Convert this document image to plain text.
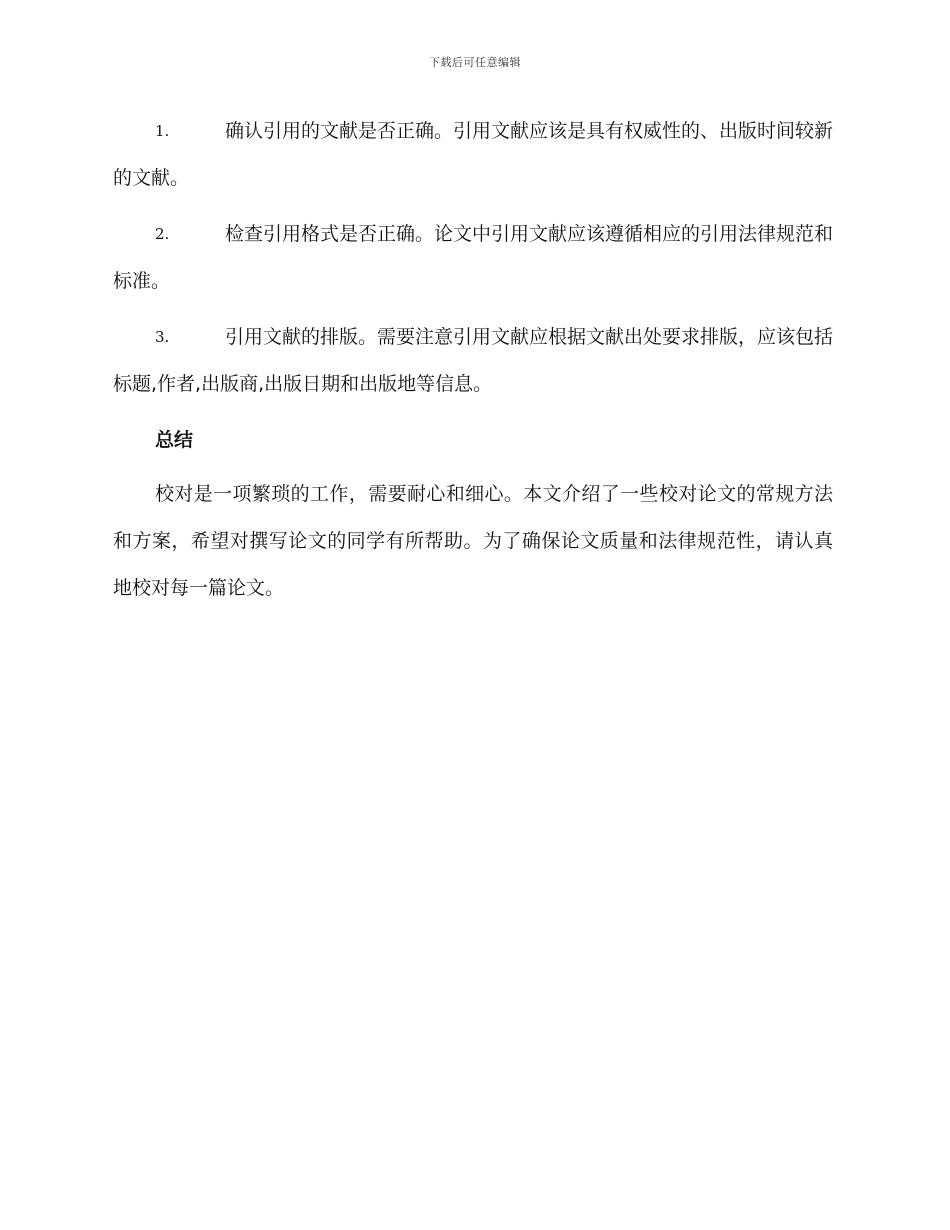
下载后可任意编辑

1.	确认引用的文献是否正确。引用文献应该是具有权威性的、出版时间较新的文献。

2.	检查引用格式是否正确。论文中引用文献应该遵循相应的引用法律规范和标准。

3.	引用文献的排版。需要注意引用文献应根据文献出处要求排版，应该包括标题,作者,出版商,出版日期和出版地等信息。

总结

校对是一项繁琐的工作，需要耐心和细心。本文介绍了一些校对论文的常规方法和方案，希望对撰写论文的同学有所帮助。为了确保论文质量和法律规范性，请认真地校对每一篇论文。
